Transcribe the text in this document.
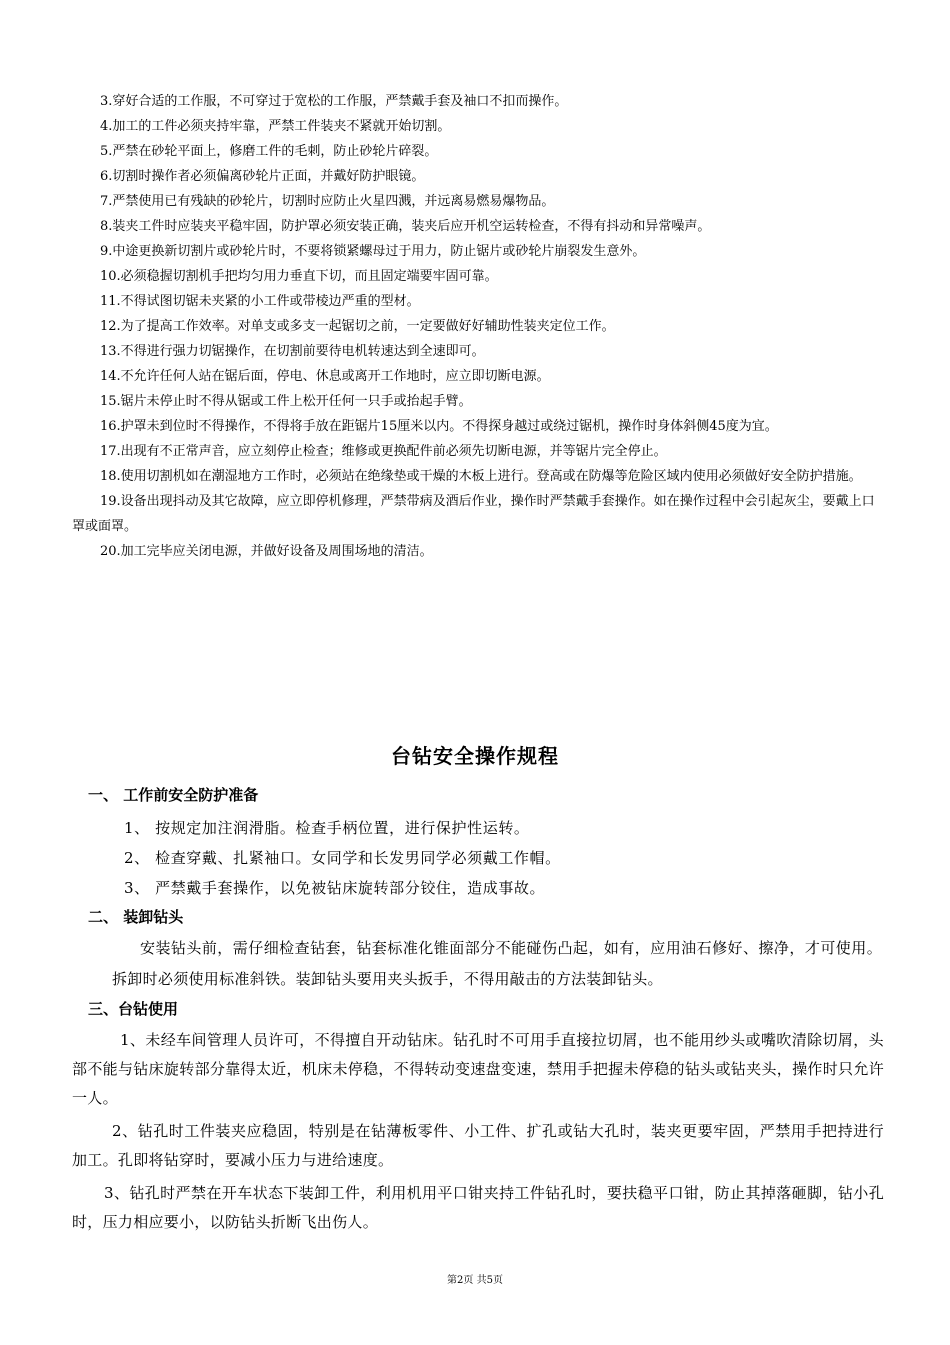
3.穿好合适的工作服，不可穿过于宽松的工作服，严禁戴手套及袖口不扣而操作。

4.加工的工件必须夹持牢靠，严禁工件装夹不紧就开始切割。

5.严禁在砂轮平面上，修磨工件的毛刺，防止砂轮片碎裂。

6.切割时操作者必须偏离砂轮片正面，并戴好防护眼镜。

7.严禁使用已有残缺的砂轮片，切割时应防止火星四溅，并远离易燃易爆物品。

8.装夹工件时应装夹平稳牢固，防护罩必须安装正确，装夹后应开机空运转检查，不得有抖动和异常噪声。

9.中途更换新切割片或砂轮片时，不要将锁紧螺母过于用力，防止锯片或砂轮片崩裂发生意外。

10.必须稳握切割机手把均匀用力垂直下切，而且固定端要牢固可靠。

11.不得试图切锯未夹紧的小工件或带棱边严重的型材。

12.为了提高工作效率。对单支或多支一起锯切之前，一定要做好好辅助性装夹定位工作。

13.不得进行强力切锯操作，在切割前要待电机转速达到全速即可。

14.不允许任何人站在锯后面，停电、休息或离开工作地时，应立即切断电源。

15.锯片未停止时不得从锯或工件上松开任何一只手或抬起手臂。

16.护罩未到位时不得操作，不得将手放在距锯片15厘米以内。不得探身越过或绕过锯机，操作时身体斜侧45度为宜。

17.出现有不正常声音，应立刻停止检查；维修或更换配件前必须先切断电源，并等锯片完全停止。

18.使用切割机如在潮湿地方工作时，必须站在绝缘垫或干燥的木板上进行。登高或在防爆等危险区域内使用必须做好安全防护措施。

19.设备出现抖动及其它故障，应立即停机修理，严禁带病及酒后作业，操作时严禁戴手套操作。如在操作过程中会引起灰尘，要戴上口罩或面罩。

20.加工完毕应关闭电源，并做好设备及周围场地的清洁。

台钻安全操作规程
一、 工作前安全防护准备
1、 按规定加注润滑脂。检查手柄位置，进行保护性运转。
2、 检查穿戴、扎紧袖口。女同学和长发男同学必须戴工作帽。
3、 严禁戴手套操作，以免被钻床旋转部分铰住，造成事故。
二、 装卸钻头
安装钻头前，需仔细检查钻套，钻套标准化锥面部分不能碰伤凸起，如有，应用油石修好、擦净，才可使用。拆卸时必须使用标准斜铁。装卸钻头要用夹头扳手，不得用敲击的方法装卸钻头。
三、台钻使用
1、未经车间管理人员许可，不得擅自开动钻床。钻孔时不可用手直接拉切屑，也不能用纱头或嘴吹清除切屑，头部不能与钻床旋转部分靠得太近，机床未停稳，不得转动变速盘变速，禁用手把握未停稳的钻头或钻夹头，操作时只允许一人。
2、钻孔时工件装夹应稳固，特别是在钻薄板零件、小工件、扩孔或钻大孔时，装夹更要牢固，严禁用手把持进行加工。孔即将钻穿时，要减小压力与进给速度。
3、钻孔时严禁在开车状态下装卸工件，利用机用平口钳夹持工件钻孔时，要扶稳平口钳，防止其掉落砸脚，钻小孔时，压力相应要小，以防钻头折断飞出伤人。
第2页 共5页
